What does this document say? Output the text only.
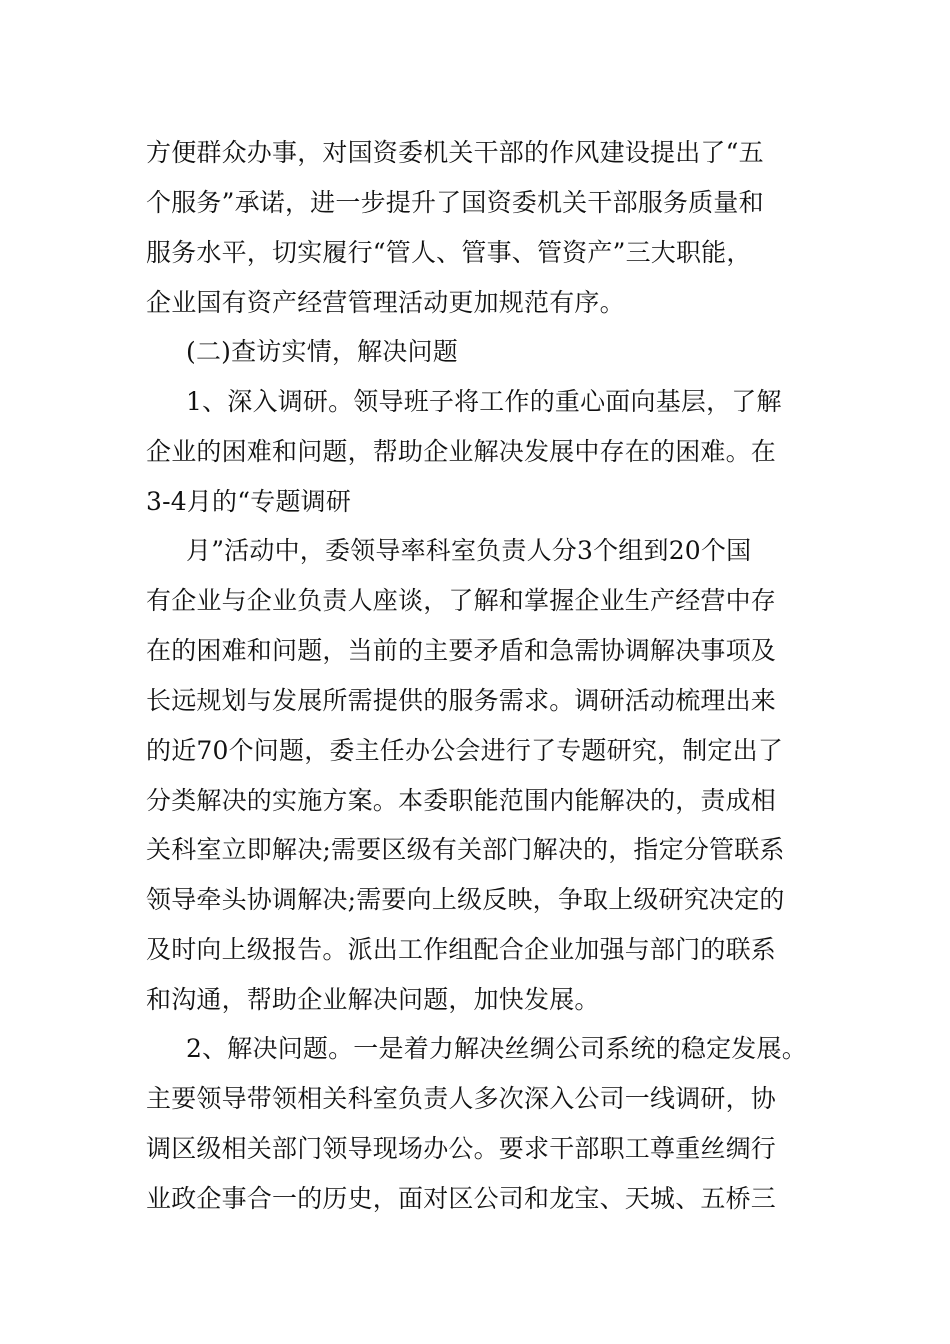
方便群众办事，对国资委机关干部的作风建设提出了“五
个服务”承诺，进一步提升了国资委机关干部服务质量和
服务水平，切实履行“管人、管事、管资产”三大职能，
企业国有资产经营管理活动更加规范有序。
(二)查访实情，解决问题
1、深入调研。领导班子将工作的重心面向基层，了解
企业的困难和问题，帮助企业解决发展中存在的困难。在
3-4月的“专题调研
月”活动中，委领导率科室负责人分3个组到20个国
有企业与企业负责人座谈，了解和掌握企业生产经营中存
在的困难和问题，当前的主要矛盾和急需协调解决事项及
长远规划与发展所需提供的服务需求。调研活动梳理出来
的近70个问题，委主任办公会进行了专题研究，制定出了
分类解决的实施方案。本委职能范围内能解决的，责成相
关科室立即解决;需要区级有关部门解决的，指定分管联系
领导牵头协调解决;需要向上级反映，争取上级研究决定的
及时向上级报告。派出工作组配合企业加强与部门的联系
和沟通，帮助企业解决问题，加快发展。
2、解决问题。一是着力解决丝绸公司系统的稳定发展。
主要领导带领相关科室负责人多次深入公司一线调研，协
调区级相关部门领导现场办公。要求干部职工尊重丝绸行
业政企事合一的历史，面对区公司和龙宝、天城、五桥三
